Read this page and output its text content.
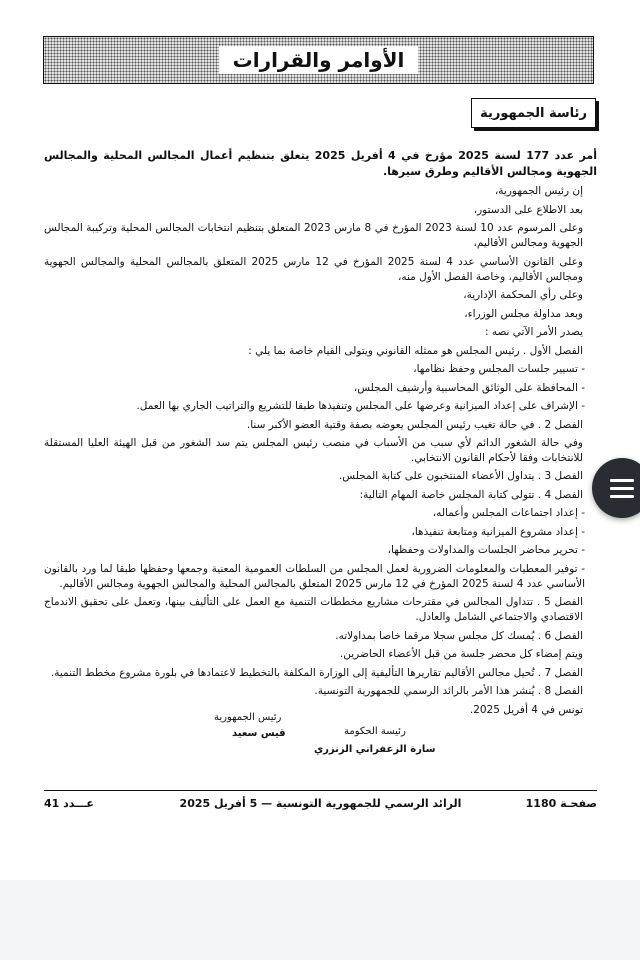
الأوامر والقرارات
رئاسة الجمهورية

أمر عدد 177 لسنة 2025 مؤرخ في 4 أفريل 2025 يتعلق بتنظيم أعمال المجالس المحلية والمجالس الجهوية ومجالس الأقاليم وطرق سيرها.

إن رئيس الجمهورية،

بعد الاطلاع على الدستور،

وعلى المرسوم عدد 10 لسنة 2023 المؤرخ في 8 مارس 2023 المتعلق بتنظيم انتخابات المجالس المحلية وتركيبة المجالس الجهوية ومجالس الأقاليم،

وعلى القانون الأساسي عدد 4 لسنة 2025 المؤرخ في 12 مارس 2025 المتعلق بالمجالس المحلية والمجالس الجهوية ومجالس الأقاليم، وخاصة الفصل الأول منه،

وعلى رأي المحكمة الإدارية،

وبعد مداولة مجلس الوزراء،

يصدر الأمر الآتي نصه :

الفصل الأول . رئيس المجلس هو ممثله القانوني ويتولى القيام خاصة بما يلي :

- تسيير جلسات المجلس وحفظ نظامها،

- المحافظة على الوثائق المحاسبية وأرشيف المجلس،

- الإشراف على إعداد الميزانية وعرضها على المجلس وتنفيذها طبقا للتشريع والتراتيب الجاري بها العمل.

الفصل 2 . في حالة تغيب رئيس المجلس يعوضه بصفة وقتية العضو الأكبر سنا.

وفي حالة الشغور الدائم لأي سبب من الأسباب في منصب رئيس المجلس يتم سد الشغور من قبل الهيئة العليا المستقلة للانتخابات وفقا لأحكام القانون الانتخابي.

الفصل 3 . يتداول الأعضاء المنتخبون على كتابة المجلس.

الفصل 4 . تتولى كتابة المجلس خاصة المهام التالية:

- إعداد اجتماعات المجلس وأعماله،

- إعداد مشروع الميزانية ومتابعة تنفيذها،

- تحرير محاضر الجلسات والمداولات وحفظها،

- توفير المعطيات والمعلومات الضرورية لعمل المجلس من السلطات العمومية المعنية وجمعها وحفظها طبقا لما ورد بالقانون الأساسي عدد 4 لسنة 2025 المؤرخ في 12 مارس 2025 المتعلق بالمجالس المحلية والمجالس الجهوية ومجالس الأقاليم.

الفصل 5 . تتداول المجالس في مقترحات مشاريع مخططات التنمية مع العمل على التأليف بينها، وتعمل على تحقيق الاندماج الاقتصادي والاجتماعي الشامل والعادل.

الفصل 6 . يُمسك كل مجلس سجلا مرقما خاصا بمداولاته.

ويتم إمضاء كل محضر جلسة من قبل الأعضاء الحاضرين.

الفصل 7 . تُحيل مجالس الأقاليم تقاريرها التأليفية إلى الوزارة المكلفة بالتخطيط لاعتمادها في بلورة مشروع مخطط التنمية.

الفصل 8 . يُنشر هذا الأمر بالرائد الرسمي للجمهورية التونسية.

تونس في 4 أفريل 2025.

رئيس الجمهورية
قيس سعيد	رئيسة الحكومة
سارة الزعفراني الزنزري
عـــدد 41	الرائد الرسمي للجمهورية التونسية — 5 أفريل 2025	صفحـة 1180
